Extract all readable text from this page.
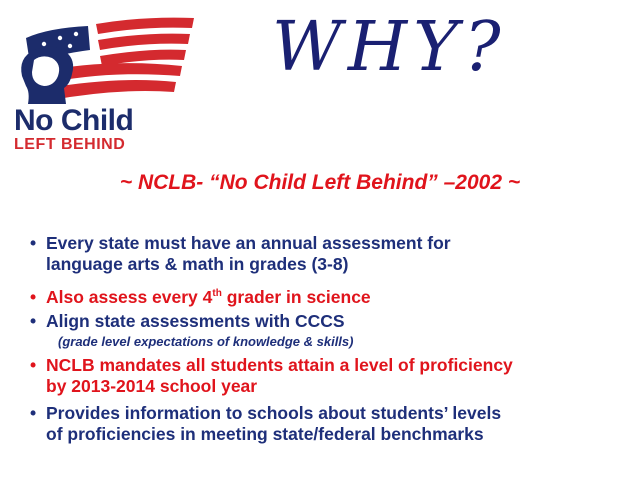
No Child
LEFT BEHIND
WHY?
~ NCLB- “No Child Left Behind” –2002 ~
• Every state must have an annual assessment for
language arts & math in grades (3-8)
• Also assess every 4th grader in science
• Align state assessments with CCCS
(grade level expectations of knowledge & skills)
• NCLB mandates all students attain a level of proficiency
by 2013-2014 school year
• Provides information to schools about students’ levels
of proficiencies in meeting state/federal benchmarks
